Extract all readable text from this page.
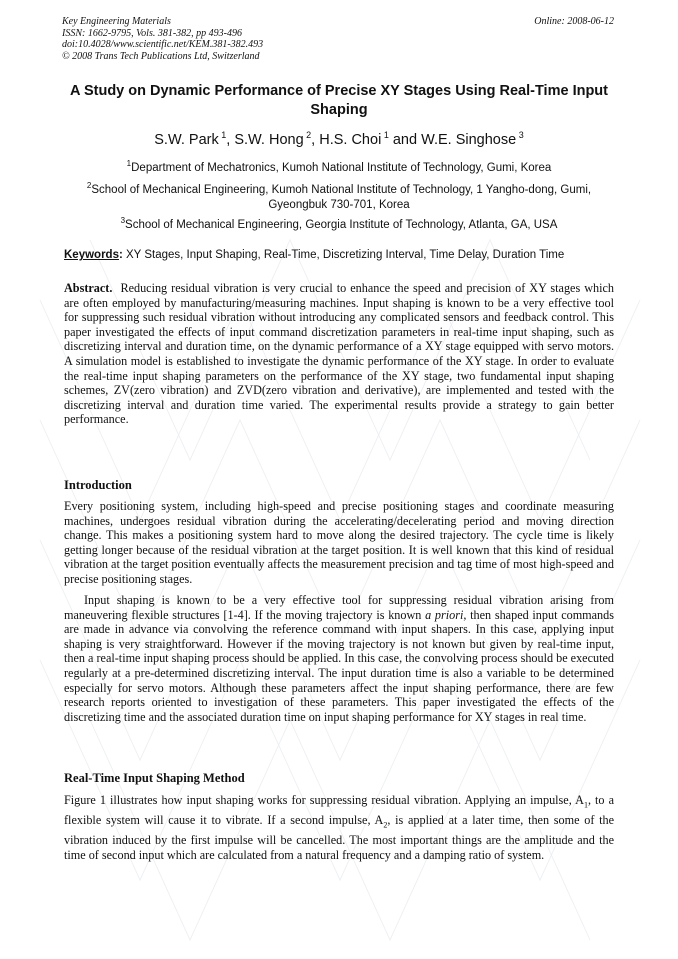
Key Engineering Materials
ISSN: 1662-9795, Vols. 381-382, pp 493-496
doi:10.4028/www.scientific.net/KEM.381-382.493
© 2008 Trans Tech Publications Ltd, Switzerland
Online: 2008-06-12
A Study on Dynamic Performance of Precise XY Stages Using Real-Time Input Shaping
S.W. Park $^1$, S.W. Hong $^2$, H.S. Choi $^1$ and W.E. Singhose $^3$
$^1$Department of Mechatronics, Kumoh National Institute of Technology, Gumi, Korea
$^2$School of Mechanical Engineering, Kumoh National Institute of Technology, 1 Yangho-dong, Gumi, Gyeongbuk 730-701, Korea
$^3$School of Mechanical Engineering, Georgia Institute of Technology, Atlanta, GA, USA
Keywords: XY Stages, Input Shaping, Real-Time, Discretizing Interval, Time Delay, Duration Time

Abstract. Reducing residual vibration is very crucial to enhance the speed and precision of XY stages which are often employed by manufacturing/measuring machines. Input shaping is known to be a very effective tool for suppressing such residual vibration without introducing any complicated sensors and feedback control. This paper investigated the effects of input command discretization parameters in real-time input shaping, such as discretizing interval and duration time, on the dynamic performance of a XY stage equipped with servo motors. A simulation model is established to investigate the dynamic performance of the XY stage. In order to evaluate the real-time input shaping parameters on the performance of the XY stage, two fundamental input shaping schemes, ZV(zero vibration) and ZVD(zero vibration and derivative), are implemented and tested with the discretizing interval and duration time varied. The experimental results provide a strategy to gain better performance.

Introduction

Every positioning system, including high-speed and precise positioning stages and coordinate measuring machines, undergoes residual vibration during the accelerating/decelerating period and moving direction change. This makes a positioning system hard to move along the desired trajectory. The cycle time is likely getting longer because of the residual vibration at the target position. It is well known that this kind of residual vibration at the target position eventually affects the measurement precision and tag time of most high-speed and precise positioning stages.

Input shaping is known to be a very effective tool for suppressing residual vibration arising from maneuvering flexible structures [1-4]. If the moving trajectory is known a priori, then shaped input commands are made in advance via convolving the reference command with input shapers. In this case, applying input shaping is very straightforward. However if the moving trajectory is not known but given by real-time input, then a real-time input shaping process should be applied. In this case, the convolving process should be executed regularly at a pre-determined discretizing interval. The input duration time is also a variable to be determined especially for servo motors. Although these parameters affect the input shaping performance, there are few research reports oriented to investigation of these parameters. This paper investigated the effects of the discretizing time and the associated duration time on input shaping performance for XY stages in real time.

Real-Time Input Shaping Method

Figure 1 illustrates how input shaping works for suppressing residual vibration. Applying an impulse, $A_1$, to a flexible system will cause it to vibrate. If a second impulse, $A_2$, is applied at a later time, then some of the vibration induced by the first impulse will be cancelled. The most important things are the amplitude and the time of second input which are calculated from a natural frequency and a damping ratio of system.
